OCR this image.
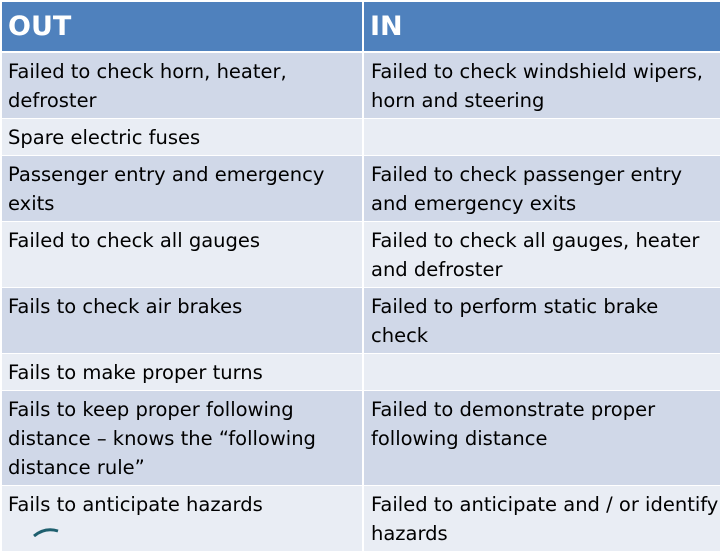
OUT	IN
Failed to check horn, heater, defroster	Failed to check windshield wipers, horn and steering
Spare electric fuses	
Passenger entry and emergency exits	Failed to check passenger entry and emergency exits
Failed to check all gauges	Failed to check all gauges, heater and defroster
Fails to check air brakes	Failed to perform static brake check
Fails to make proper turns	
Fails to keep proper following distance – knows the “following distance rule”	Failed to demonstrate proper following distance
Fails to anticipate hazards	Failed to anticipate and / or identify hazards
